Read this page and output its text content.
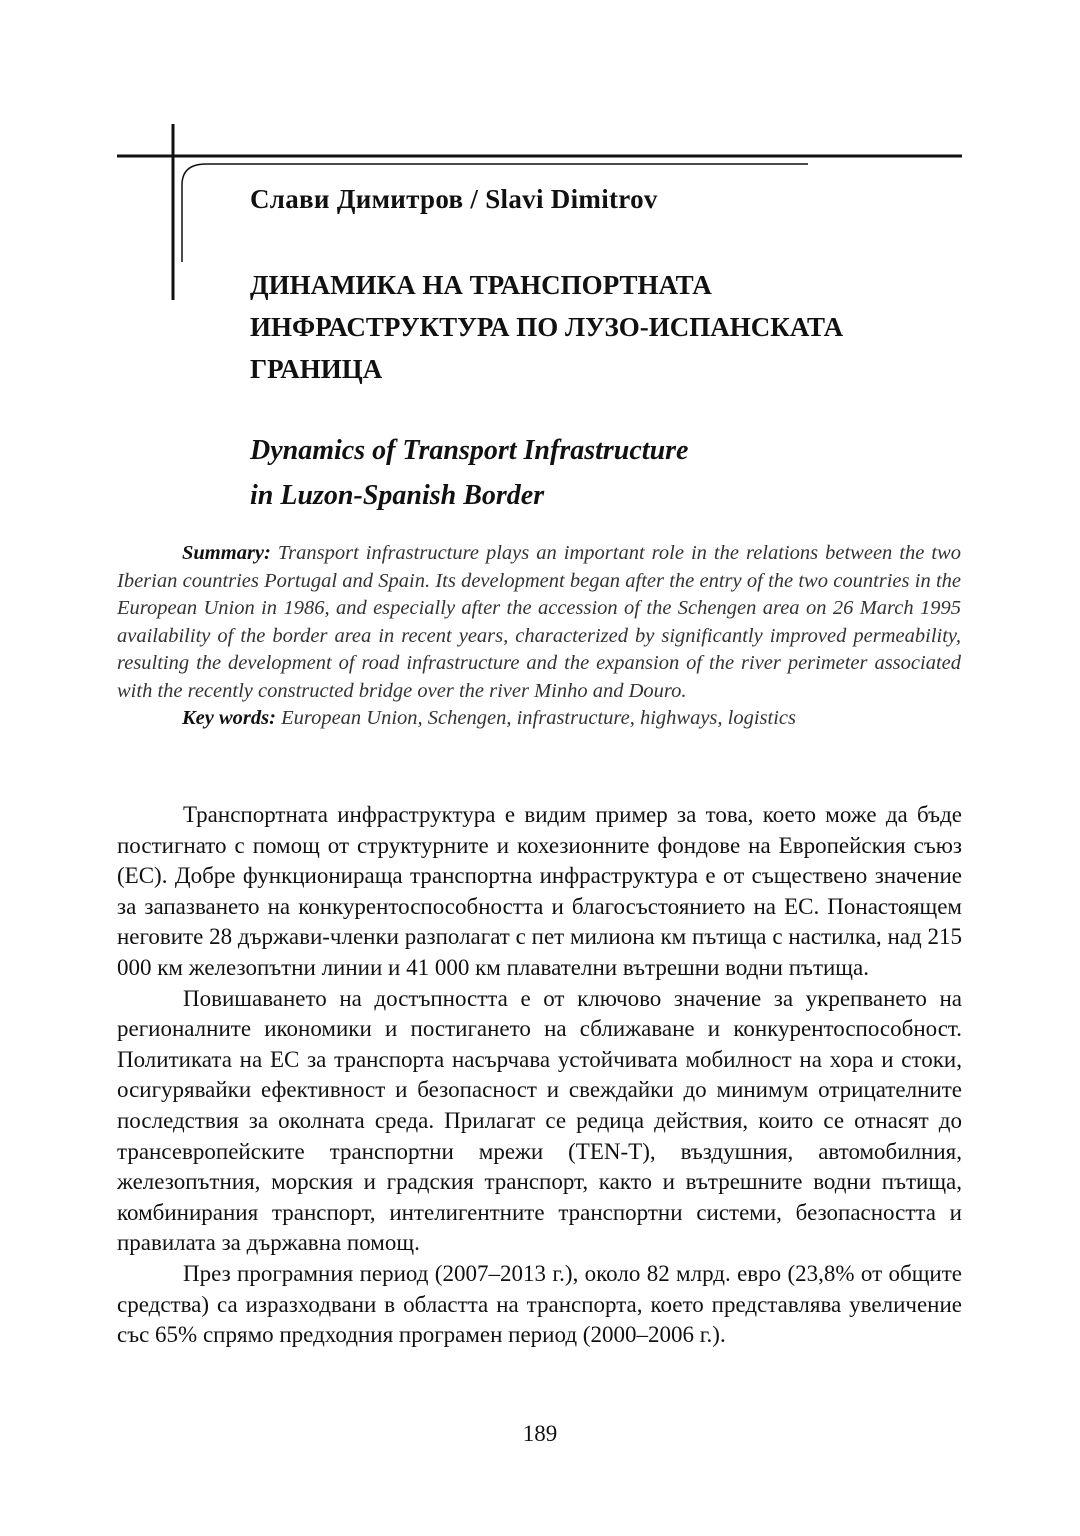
Слави Димитров / Slavi Dimitrov
ДИНАМИКА НА ТРАНСПОРТНАТА
ИНФРАСТРУКТУРА ПО ЛУЗО-ИСПАНСКАТА
ГРАНИЦА
Dynamics of Transport Infrastructure
in Luzon-Spanish Border

Summary: Transport infrastructure plays an important role in the relations between the two Iberian countries Portugal and Spain. Its development began after the entry of the two countries in the European Union in 1986, and especially after the accession of the Schengen area on 26 March 1995 availability of the border area in recent years, characterized by significantly improved permeability, resulting the development of road infrastructure and the expansion of the river perimeter associated with the recently constructed bridge over the river Minho and Douro.

Key words: European Union, Schengen, infrastructure, highways, logistics

Транспортната инфраструктура е видим пример за това, което може да бъде постигнато с помощ от структурните и кохезионните фондове на Европейския съюз (ЕС). Добре функционираща транспортна инфраструктура е от съществено значение за запазването на конкурентоспособността и благосъстоянието на ЕС. Понастоящем неговите 28 държави-членки разполагат с пет милиона км пътища с настилка, над 215 000 км железопътни линии и 41 000 км плавателни вътрешни водни пътища.

Повишаването на достъпността е от ключово значение за укрепването на регионалните икономики и постигането на сближаване и конкурентоспособност. Политиката на ЕС за транспорта насърчава устойчивата мобилност на хора и стоки, осигурявайки ефективност и безопасност и свеждайки до минимум отрицателните последствия за околната среда. Прилагат се редица действия, които се отнасят до трансевропейските транспортни мрежи (TEN-T), въздушния, автомобилния, железопътния, морския и градския транспорт, както и вътрешните водни пътища, комбинирания транспорт, интелигентните транспортни системи, безопасността и правилата за държавна помощ.

През програмния период (2007–2013 г.), около 82 млрд. евро (23,8% от общите средства) са изразходвани в областта на транспорта, което представлява увеличение със 65% спрямо предходния програмен период (2000–2006 г.).

189
